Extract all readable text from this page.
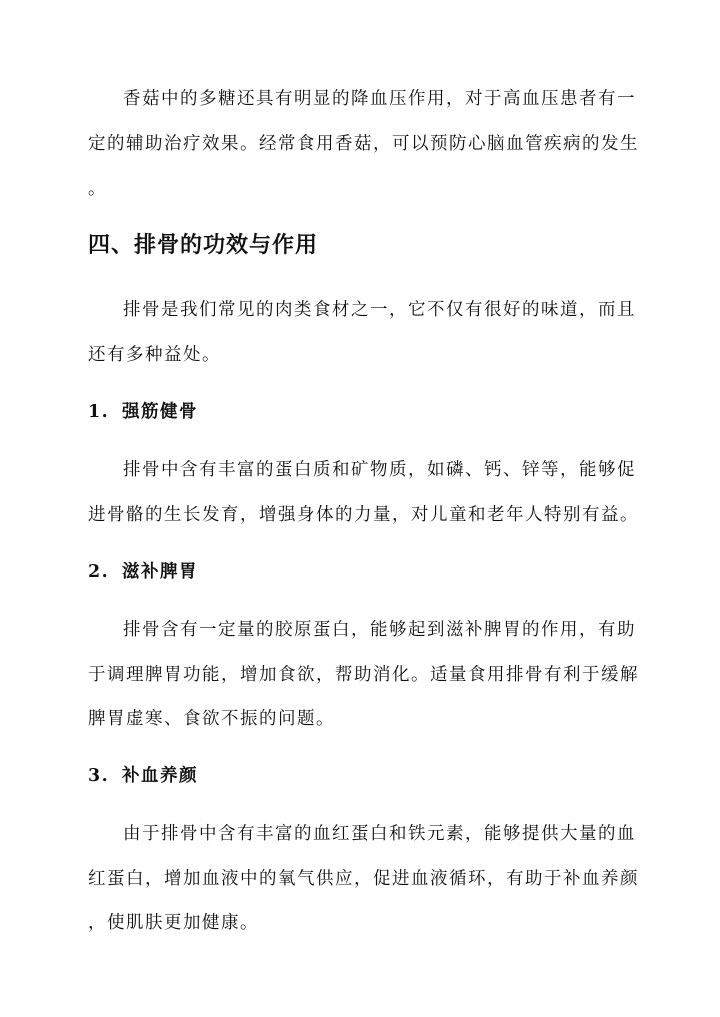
香菇中的多糖还具有明显的降血压作用，对于高血压患者有一
定的辅助治疗效果。经常食用香菇，可以预防心脑血管疾病的发生
。
四、排骨的功效与作用
排骨是我们常见的肉类食材之一，它不仅有很好的味道，而且
还有多种益处。
1. 强筋健骨
排骨中含有丰富的蛋白质和矿物质，如磷、钙、锌等，能够促
进骨骼的生长发育，增强身体的力量，对儿童和老年人特别有益。
2. 滋补脾胃
排骨含有一定量的胶原蛋白，能够起到滋补脾胃的作用，有助
于调理脾胃功能，增加食欲，帮助消化。适量食用排骨有利于缓解
脾胃虚寒、食欲不振的问题。
3. 补血养颜
由于排骨中含有丰富的血红蛋白和铁元素，能够提供大量的血
红蛋白，增加血液中的氧气供应，促进血液循环，有助于补血养颜
，使肌肤更加健康。
